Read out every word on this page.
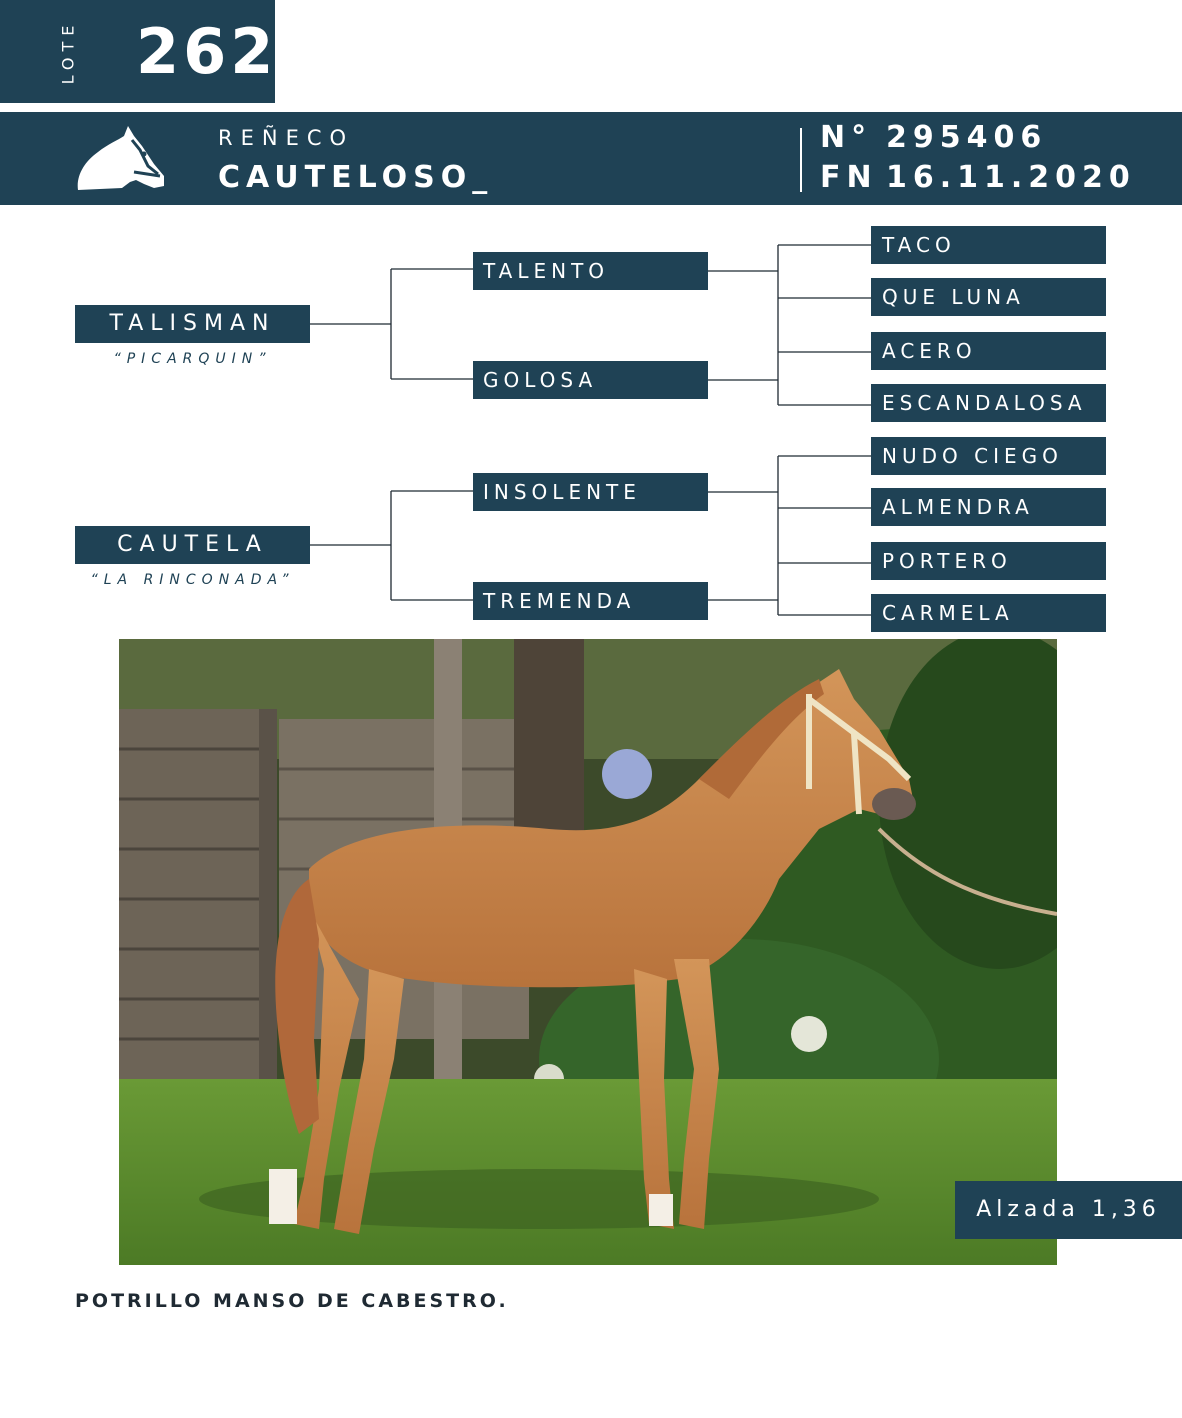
LOTE 262
REÑECO
CAUTELOSO_
N° 295406
FN 16.11.2020
TALISMAN
“PICARQUIN”
TALENTO
GOLOSA
TACO
QUE LUNA
ACERO
ESCANDALOSA
CAUTELA
“LA RINCONADA”
INSOLENTE
TREMENDA
NUDO CIEGO
ALMENDRA
PORTERO
CARMELA
Alzada 1,36
POTRILLO MANSO DE CABESTRO.
